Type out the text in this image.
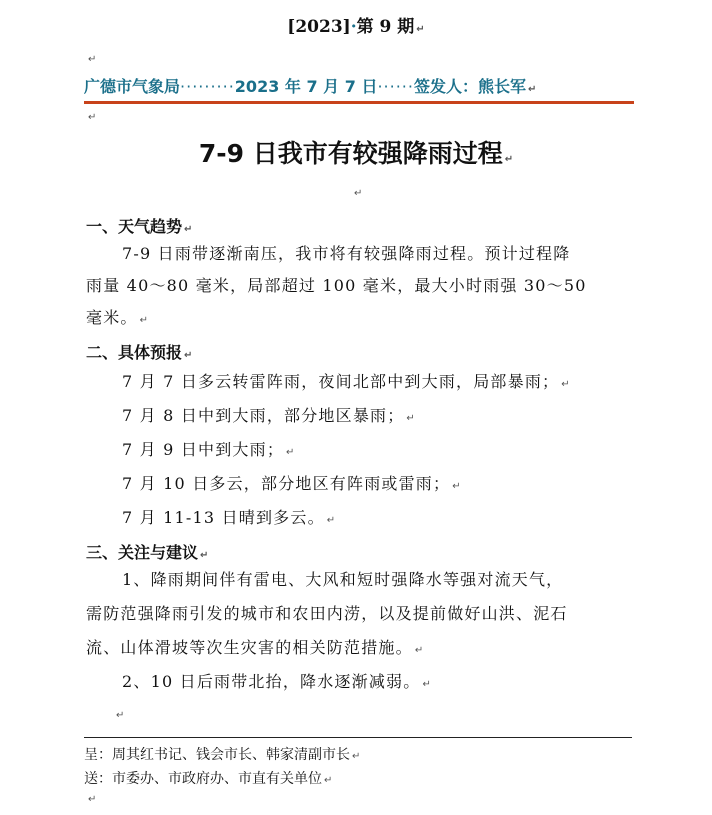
[2023]·第 9 期 ↵
↵
广德市气象局·········2023 年 7 月 7 日······签发人：熊长军 ↵
↵
7-9 日我市有较强降雨过程 ↵
↵
一、天气趋势 ↵
7-9 日雨带逐渐南压，我市将有较强降雨过程。预计过程降
雨量 40～80 毫米，局部超过 100 毫米，最大小时雨强 30～50
毫米。 ↵
二、具体预报 ↵
7 月 7 日多云转雷阵雨，夜间北部中到大雨，局部暴雨； ↵
7 月 8 日中到大雨，部分地区暴雨； ↵
7 月 9 日中到大雨； ↵
7 月 10 日多云，部分地区有阵雨或雷雨； ↵
7 月 11-13 日晴到多云。 ↵
三、关注与建议 ↵
1、降雨期间伴有雷电、大风和短时强降水等强对流天气，
需防范强降雨引发的城市和农田内涝，以及提前做好山洪、泥石
流、山体滑坡等次生灾害的相关防范措施。 ↵
2、10 日后雨带北抬，降水逐渐减弱。 ↵
↵
呈：周其红书记、钱会市长、韩家清副市长 ↵
送：市委办、市政府办、市直有关单位 ↵
↵
